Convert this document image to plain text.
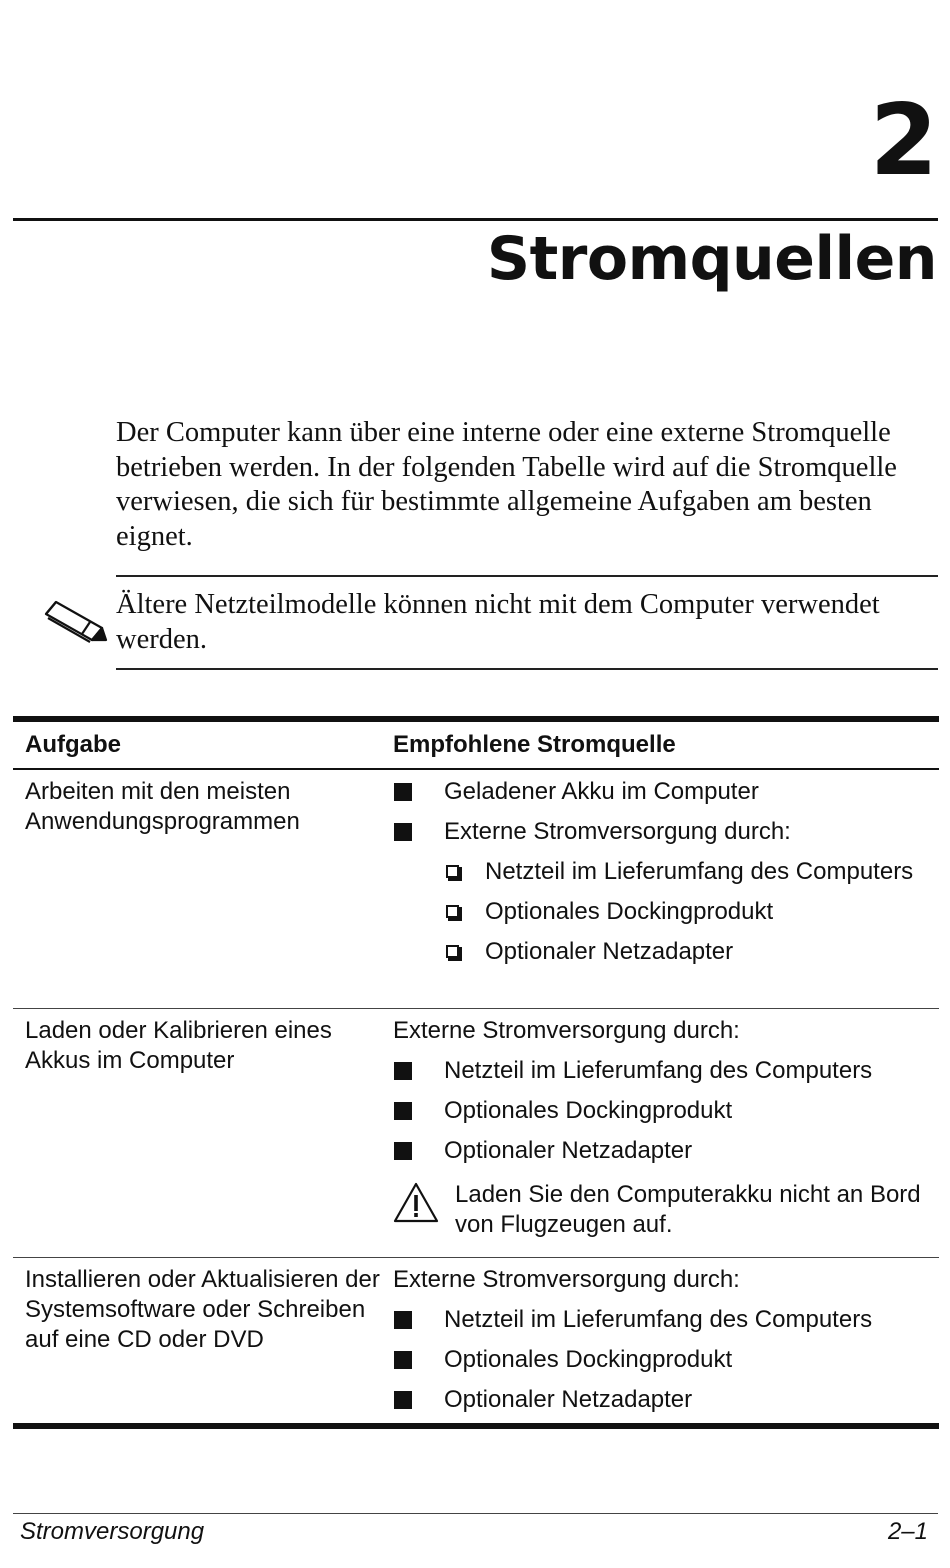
2
Stromquellen

Der Computer kann über eine interne oder eine externe Stromquelle betrieben werden. In der folgenden Tabelle wird auf die Stromquelle verwiesen, die sich für bestimmte allgemeine Aufgaben am besten eignet.

Ältere Netzteilmodelle können nicht mit dem Computer verwendet werden.

Aufgabe	Empfohlene Stromquelle
Arbeiten mit den meisten Anwendungsprogrammen
Geladener Akku im Computer
Externe Stromversorgung durch:
Netzteil im Lieferumfang des Computers
Optionales Dockingprodukt
Optionaler Netzadapter
Laden oder Kalibrieren eines Akkus im Computer
Externe Stromversorgung durch:
Netzteil im Lieferumfang des Computers
Optionales Dockingprodukt
Optionaler Netzadapter
Laden Sie den Computerakku nicht an Bord von Flugzeugen auf.
Installieren oder Aktualisieren der Systemsoftware oder Schreiben auf eine CD oder DVD
Externe Stromversorgung durch:
Netzteil im Lieferumfang des Computers
Optionales Dockingprodukt
Optionaler Netzadapter
Stromversorgung	2–1
